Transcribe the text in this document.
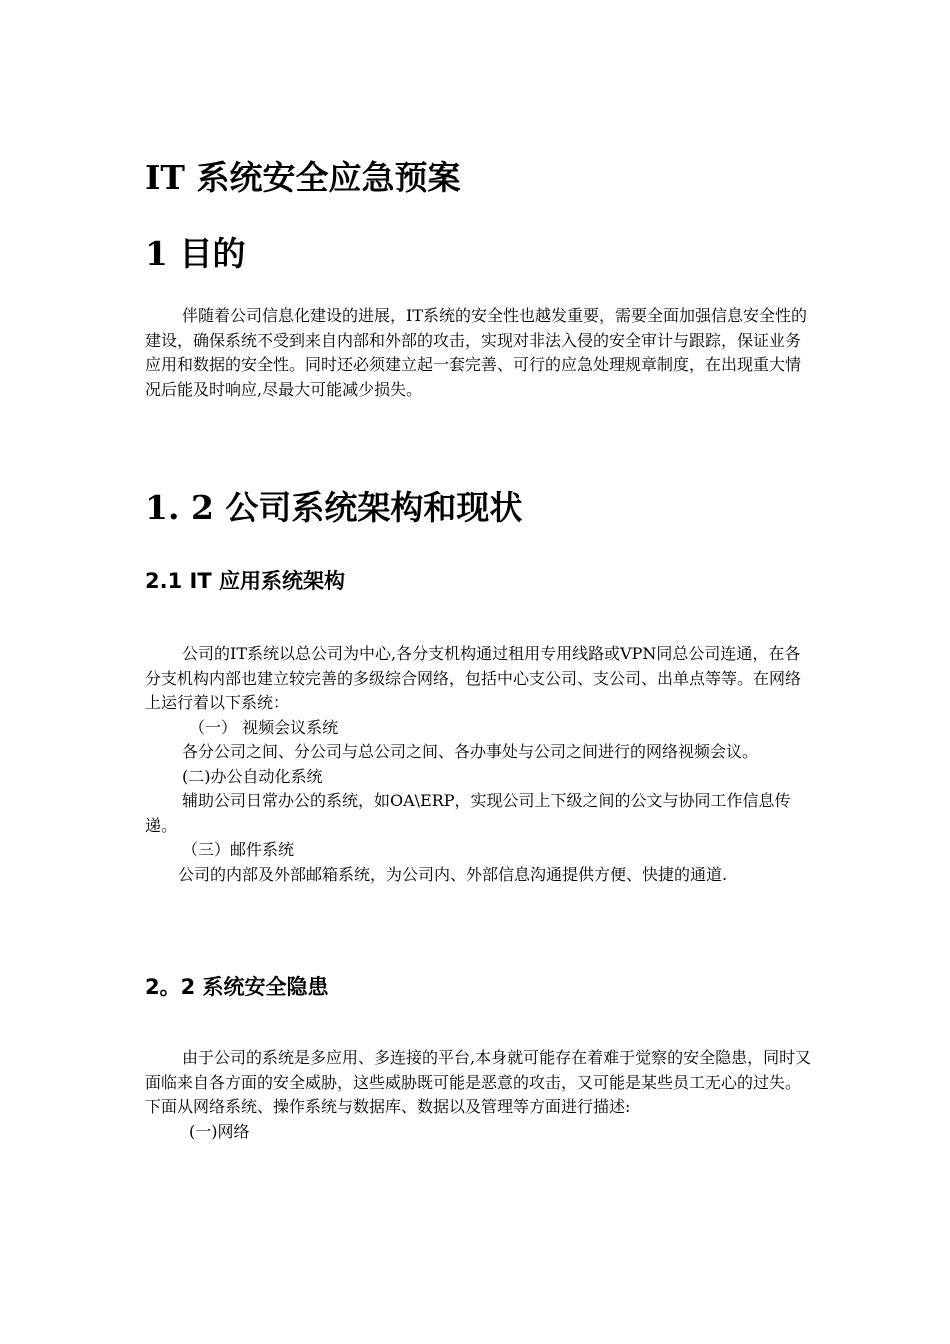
IT 系统安全应急预案
1 目的

伴随着公司信息化建设的进展，IT系统的安全性也越发重要，需要全面加强信息安全性的建设，确保系统不受到来自内部和外部的攻击，实现对非法入侵的安全审计与跟踪，保证业务应用和数据的安全性。同时还必须建立起一套完善、可行的应急处理规章制度，在出现重大情况后能及时响应,尽最大可能减少损失。

1. 2 公司系统架构和现状
2.1 IT 应用系统架构

公司的IT系统以总公司为中心,各分支机构通过租用专用线路或VPN同总公司连通，在各分支机构内部也建立较完善的多级综合网络，包括中心支公司、支公司、出单点等等。在网络上运行着以下系统：

（一） 视频会议系统

各分公司之间、分公司与总公司之间、各办事处与公司之间进行的网络视频会议。

(二)办公自动化系统

辅助公司日常办公的系统，如OA\ERP，实现公司上下级之间的公文与协同工作信息传递。

（三）邮件系统

公司的内部及外部邮箱系统，为公司内、外部信息沟通提供方便、快捷的通道.

2。2 系统安全隐患

由于公司的系统是多应用、多连接的平台,本身就可能存在着难于觉察的安全隐患，同时又面临来自各方面的安全威胁，这些威胁既可能是恶意的攻击，又可能是某些员工无心的过失。下面从网络系统、操作系统与数据库、数据以及管理等方面进行描述:

(一)网络
